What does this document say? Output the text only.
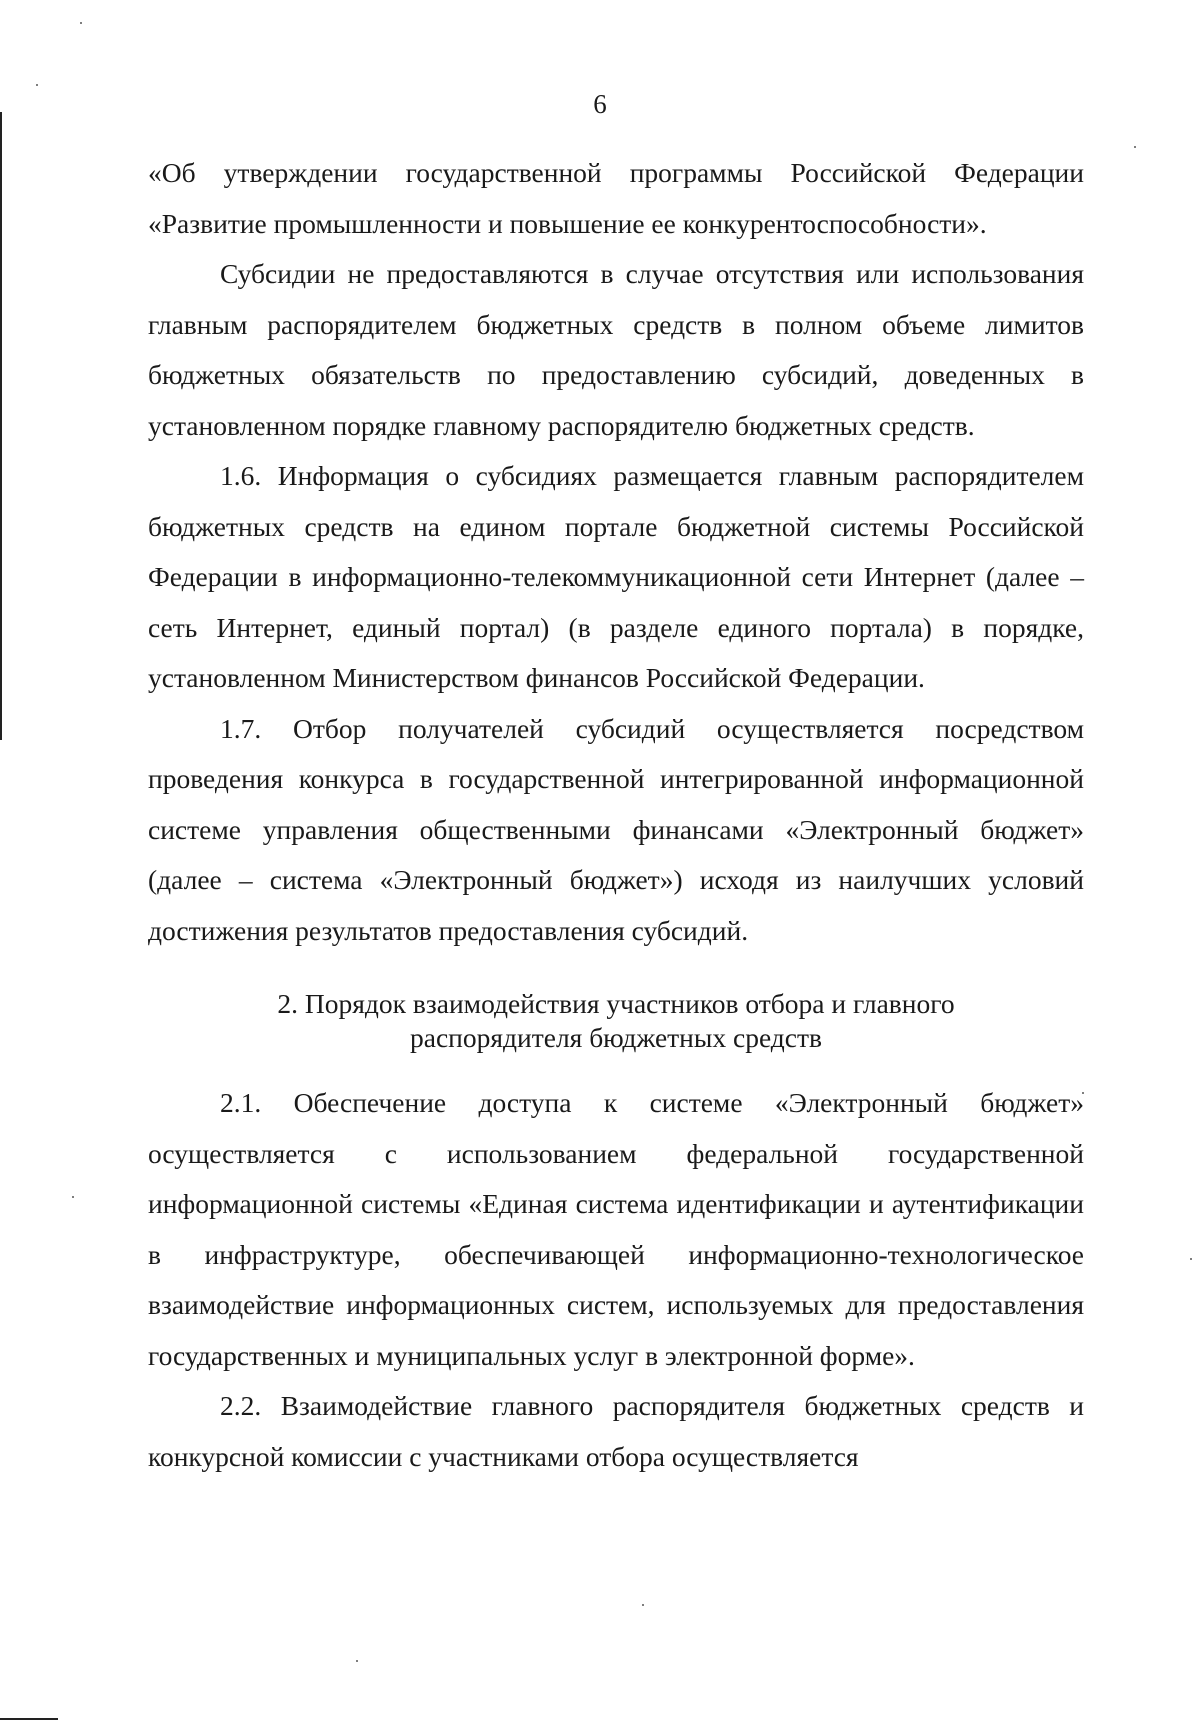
6

«Об утверждении государственной программы Российской Федерации «Развитие промышленности и повышение ее конкурентоспособности».

Субсидии не предоставляются в случае отсутствия или использования главным распорядителем бюджетных средств в полном объеме лимитов бюджетных обязательств по предоставлению субсидий, доведенных в установленном порядке главному распорядителю бюджетных средств.

1.6. Информация о субсидиях размещается главным распорядителем бюджетных средств на едином портале бюджетной системы Российской Федерации в информационно-телекоммуникационной сети Интернет (далее – сеть Интернет, единый портал) (в разделе единого портала) в порядке, установленном Министерством финансов Российской Федерации.

1.7. Отбор получателей субсидий осуществляется посредством проведения конкурса в государственной интегрированной информационной системе управления общественными финансами «Электронный бюджет» (далее – система «Электронный бюджет») исходя из наилучших условий достижения результатов предоставления субсидий.

2. Порядок взаимодействия участников отбора и главного
распорядителя бюджетных средств

2.1. Обеспечение доступа к системе «Электронный бюджет» осуществляется с использованием федеральной государственной информационной системы «Единая система идентификации и аутентификации в инфраструктуре, обеспечивающей информационно-технологическое взаимодействие информационных систем, используемых для предоставления государственных и муниципальных услуг в электронной форме».

2.2. Взаимодействие главного распорядителя бюджетных средств и конкурсной комиссии с участниками отбора осуществляется
